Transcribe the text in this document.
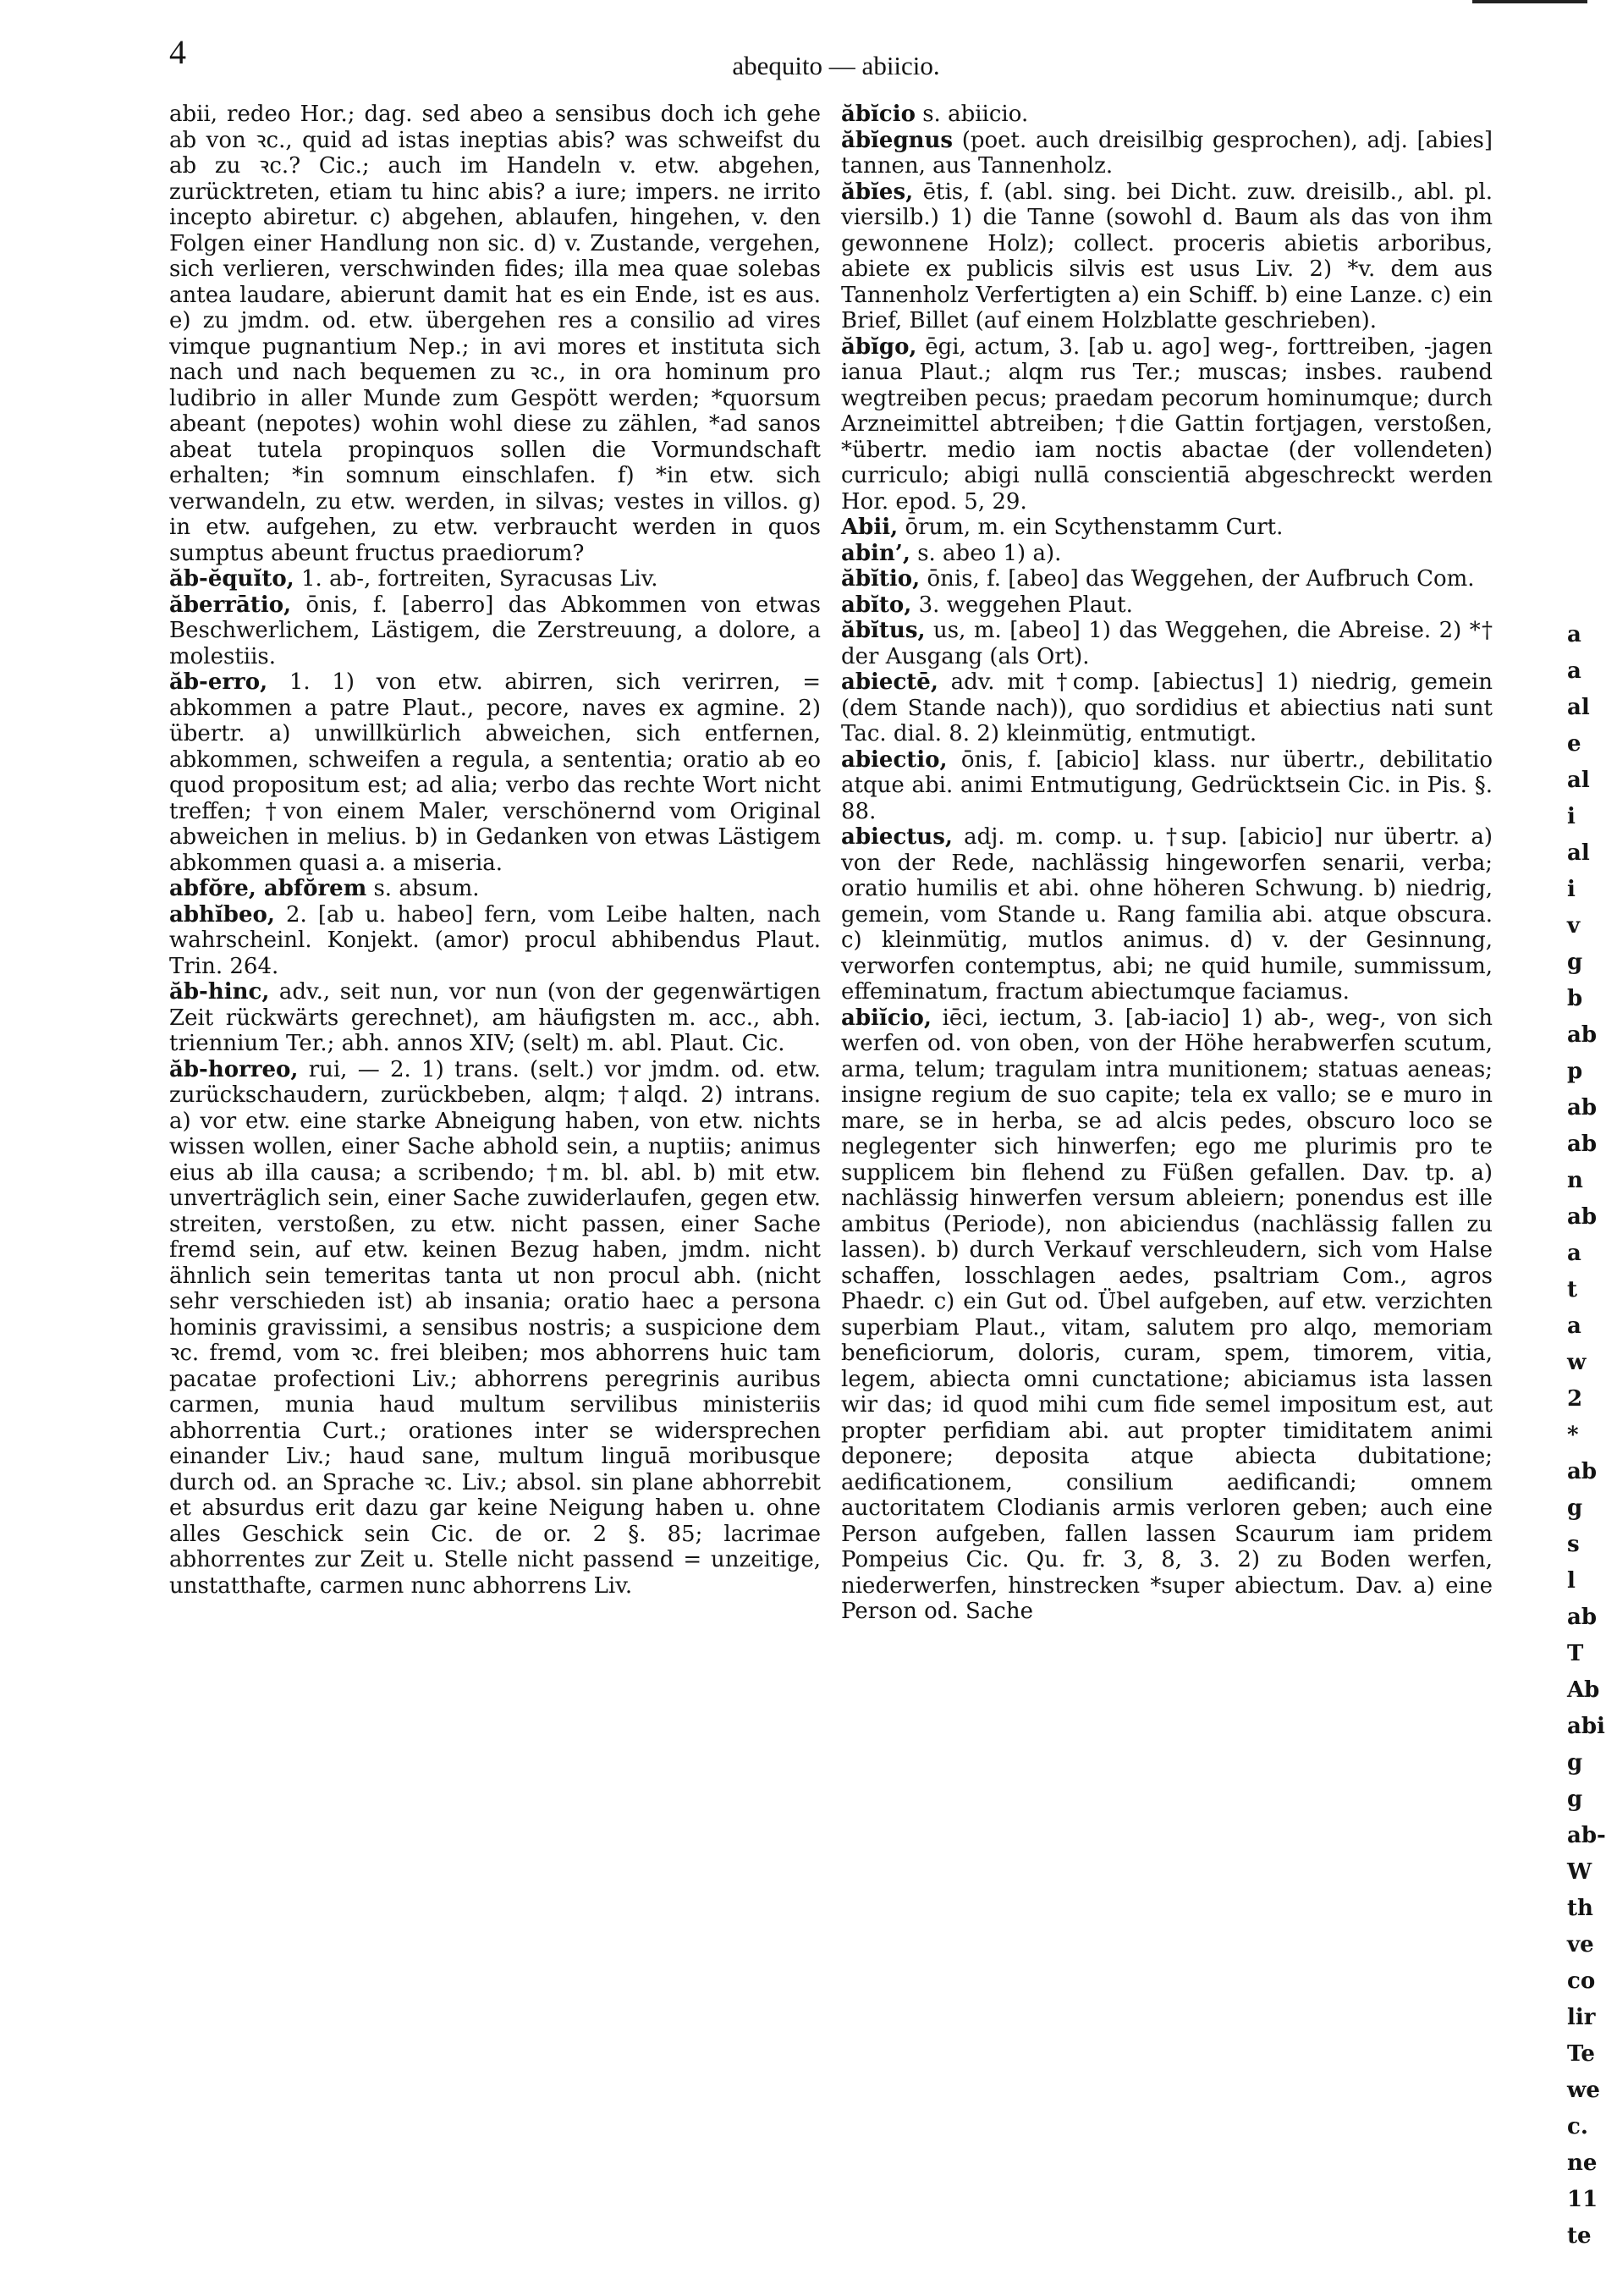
4	abequito — abiicio.

abii, redeo Hor.; dag. sed abeo a sensibus doch ich gehe ab von ꝛc., quid ad istas ineptias abis? was schweifst du ab zu ꝛc.? Cic.; auch im Handeln v. etw. abgehen, zurücktreten, etiam tu hinc abis? a iure; impers. ne irrito incepto abiretur. c) abgehen, ablaufen, hingehen, v. den Folgen einer Handlung non sic. d) v. Zustande, vergehen, sich verlieren, verschwinden fides; illa mea quae solebas antea laudare, abierunt damit hat es ein Ende, ist es aus. e) zu jmdm. od. etw. übergehen res a consilio ad vires vimque pugnantium Nep.; in avi mores et instituta sich nach und nach bequemen zu ꝛc., in ora hominum pro ludibrio in aller Munde zum Gespött werden; *quorsum abeant (nepotes) wohin wohl diese zu zählen, *ad sanos abeat tutela propinquos sollen die Vormundschaft erhalten; *in somnum einschlafen. f) *in etw. sich verwandeln, zu etw. werden, in silvas; vestes in villos. g) in etw. aufgehen, zu etw. verbraucht werden in quos sumptus abeunt fructus praediorum?

ăb-ĕquĭto, 1. ab-, fortreiten, Syracusas Liv.

ăberrātio, ōnis, f. [aberro] das Abkommen von etwas Beschwerlichem, Lästigem, die Zerstreuung, a dolore, a molestiis.

ăb-erro, 1. 1) von etw. abirren, sich verirren, = abkommen a patre Plaut., pecore, naves ex agmine. 2) übertr. a) unwillkürlich abweichen, sich entfernen, abkommen, schweifen a regula, a sententia; oratio ab eo quod propositum est; ad alia; verbo das rechte Wort nicht treffen; †von einem Maler, verschönernd vom Original abweichen in melius. b) in Gedanken von etwas Lästigem abkommen quasi a. a miseria.

abfŏre, abfŏrem s. absum.

abhĭbeo, 2. [ab u. habeo] fern, vom Leibe halten, nach wahrscheinl. Konjekt. (amor) procul abhibendus Plaut. Trin. 264.

ăb-hinc, adv., seit nun, vor nun (von der gegenwärtigen Zeit rückwärts gerechnet), am häufigsten m. acc., abh. triennium Ter.; abh. annos XIV; (selt) m. abl. Plaut. Cic.

ăb-horreo, rui, — 2. 1) trans. (selt.) vor jmdm. od. etw. zurückschaudern, zurückbeben, alqm; †alqd. 2) intrans. a) vor etw. eine starke Abneigung haben, von etw. nichts wissen wollen, einer Sache abhold sein, a nuptiis; animus eius ab illa causa; a scribendo; †m. bl. abl. b) mit etw. unverträglich sein, einer Sache zuwiderlaufen, gegen etw. streiten, verstoßen, zu etw. nicht passen, einer Sache fremd sein, auf etw. keinen Bezug haben, jmdm. nicht ähnlich sein temeritas tanta ut non procul abh. (nicht sehr verschieden ist) ab insania; oratio haec a persona hominis gravissimi, a sensibus nostris; a suspicione dem ꝛc. fremd, vom ꝛc. frei bleiben; mos abhorrens huic tam pacatae profectioni Liv.; abhorrens peregrinis auribus carmen, munia haud multum servilibus ministeriis abhorrentia Curt.; orationes inter se widersprechen einander Liv.; haud sane, multum linguā moribusque durch od. an Sprache ꝛc. Liv.; absol. sin plane abhorrebit et absurdus erit dazu gar keine Neigung haben u. ohne alles Geschick sein Cic. de or. 2 §. 85; lacrimae abhorrentes zur Zeit u. Stelle nicht passend = unzeitige, unstatthafte, carmen nunc abhorrens Liv.

ăbĭcio s. abiicio.

ăbĭegnus (poet. auch dreisilbig gesprochen), adj. [abies] tannen, aus Tannenholz.

ăbĭes, ētis, f. (abl. sing. bei Dicht. zuw. dreisilb., abl. pl. viersilb.) 1) die Tanne (sowohl d. Baum als das von ihm gewonnene Holz); collect. proceris abietis arboribus, abiete ex publicis silvis est usus Liv. 2) *v. dem aus Tannenholz Verfertigten a) ein Schiff. b) eine Lanze. c) ein Brief, Billet (auf einem Holzblatte geschrieben).

ăbĭgo, ēgi, actum, 3. [ab u. ago] weg-, forttreiben, -jagen ianua Plaut.; alqm rus Ter.; muscas; insbes. raubend wegtreiben pecus; praedam pecorum hominumque; durch Arzneimittel abtreiben; †die Gattin fortjagen, verstoßen, *übertr. medio iam noctis abactae (der vollendeten) curriculo; abigi nullā conscientiā abgeschreckt werden Hor. epod. 5, 29.

Abii, ōrum, m. ein Scythenstamm Curt.

abin’, s. abeo 1) a).

ăbĭtio, ōnis, f. [abeo] das Weggehen, der Aufbruch Com.

abĭto, 3. weggehen Plaut.

ăbĭtus, us, m. [abeo] 1) das Weggehen, die Abreise. 2) *† der Ausgang (als Ort).

abiectē, adv. mit †comp. [abiectus] 1) niedrig, gemein (dem Stande nach)), quo sordidius et abiectius nati sunt Tac. dial. 8. 2) kleinmütig, entmutigt.

abiectio, ōnis, f. [abicio] klass. nur übertr., debilitatio atque abi. animi Entmutigung, Gedrücktsein Cic. in Pis. §. 88.

abiectus, adj. m. comp. u. †sup. [abicio] nur übertr. a) von der Rede, nachlässig hingeworfen senarii, verba; oratio humilis et abi. ohne höheren Schwung. b) niedrig, gemein, vom Stande u. Rang familia abi. atque obscura. c) kleinmütig, mutlos animus. d) v. der Gesinnung, verworfen contemptus, abi; ne quid humile, summissum, effeminatum, fractum abiectumque faciamus.

abiĭcio, iēci, iectum, 3. [ab-iacio] 1) ab-, weg-, von sich werfen od. von oben, von der Höhe herabwerfen scutum, arma, telum; tragulam intra munitionem; statuas aeneas; insigne regium de suo capite; tela ex vallo; se e muro in mare, se in herba, se ad alcis pedes, obscuro loco se neglegenter sich hinwerfen; ego me plurimis pro te supplicem bin flehend zu Füßen gefallen. Dav. tp. a) nachlässig hinwerfen versum ableiern; ponendus est ille ambitus (Periode), non abiciendus (nachlässig fallen zu lassen). b) durch Verkauf verschleudern, sich vom Halse schaffen, losschlagen aedes, psaltriam Com., agros Phaedr. c) ein Gut od. Übel aufgeben, auf etw. verzichten superbiam Plaut., vitam, salutem pro alqo, memoriam beneficiorum, doloris, curam, spem, timorem, vitia, legem, abiecta omni cunctatione; abiciamus ista lassen wir das; id quod mihi cum fide semel impositum est, aut propter perfidiam abi. aut propter timiditatem animi deponere; deposita atque abiecta dubitatione; aedificationem, consilium aedificandi; omnem auctoritatem Clodianis armis verloren geben; auch eine Person aufgeben, fallen lassen Scaurum iam pridem Pompeius Cic. Qu. fr. 3, 8, 3. 2) zu Boden werfen, niederwerfen, hinstrecken *super abiectum. Dav. a) eine Person od. Sache

a
a
al
e
al
i
al
i
v
g
b
ab
p
ab
ab
n
ab
a
t
a
w
2
*
ab
g
s
l
ab
T
Ab
abi
g
g
ab-
W
th
ve
co
lir
Te
we
c.
ne
11
te
